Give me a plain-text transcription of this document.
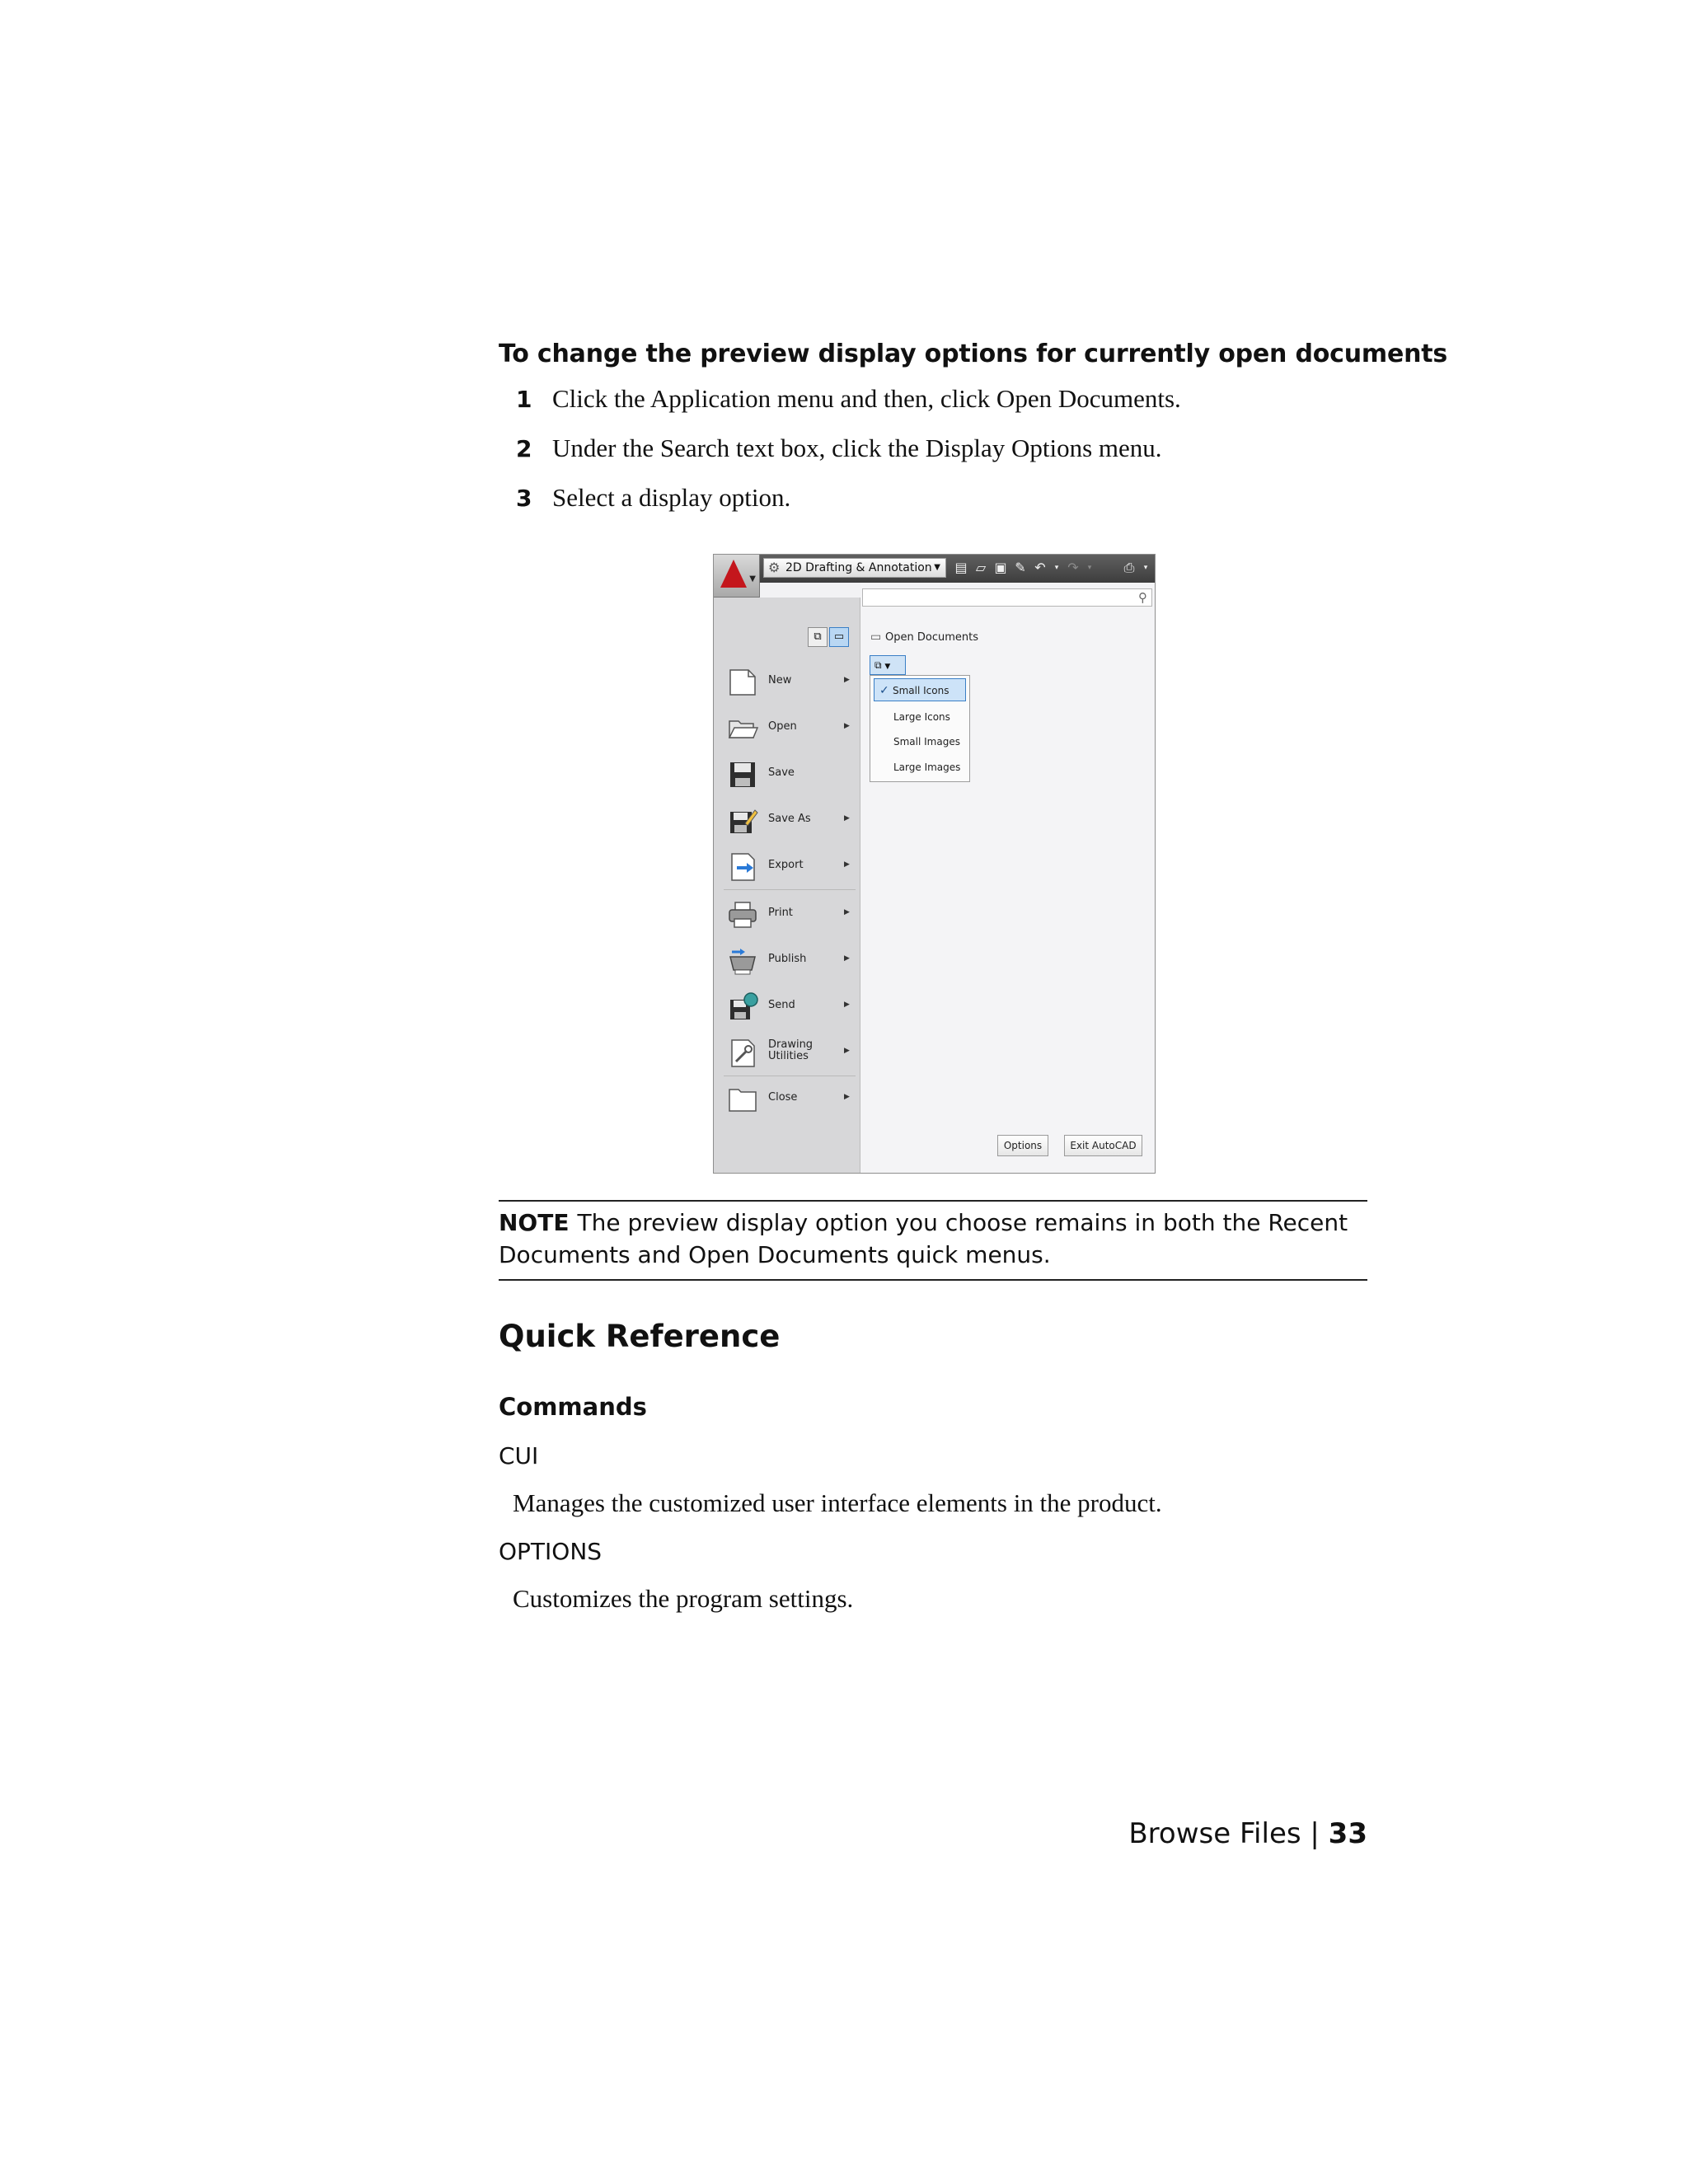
To change the preview display options for currently open documents
1 Click the Application menu and then, click Open Documents.
2 Under the Search text box, click the Display Options menu.
3 Select a display option.
▼
⚙ 2D Drafting & Annotation ▼ ▤ ▱ ▣ ✎ ↶	▾ ↷	▾	⎙	▾
⚲
⧉	▭
New	▶
Open	▶
Save
Save As	▶
Export	▶
Print	▶
Publish	▶
Send	▶
Drawing
Utilities	▶
Close	▶
▭ Open Documents
⧉ ▼
✓ Small Icons
Large Icons
Small Images
Large Images
Options	Exit AutoCAD
NOTE The preview display option you choose remains in both the Recent Documents and Open Documents quick menus.
Quick Reference
Commands
CUI
Manages the customized user interface elements in the product.
OPTIONS
Customizes the program settings.
Browse Files | 33
